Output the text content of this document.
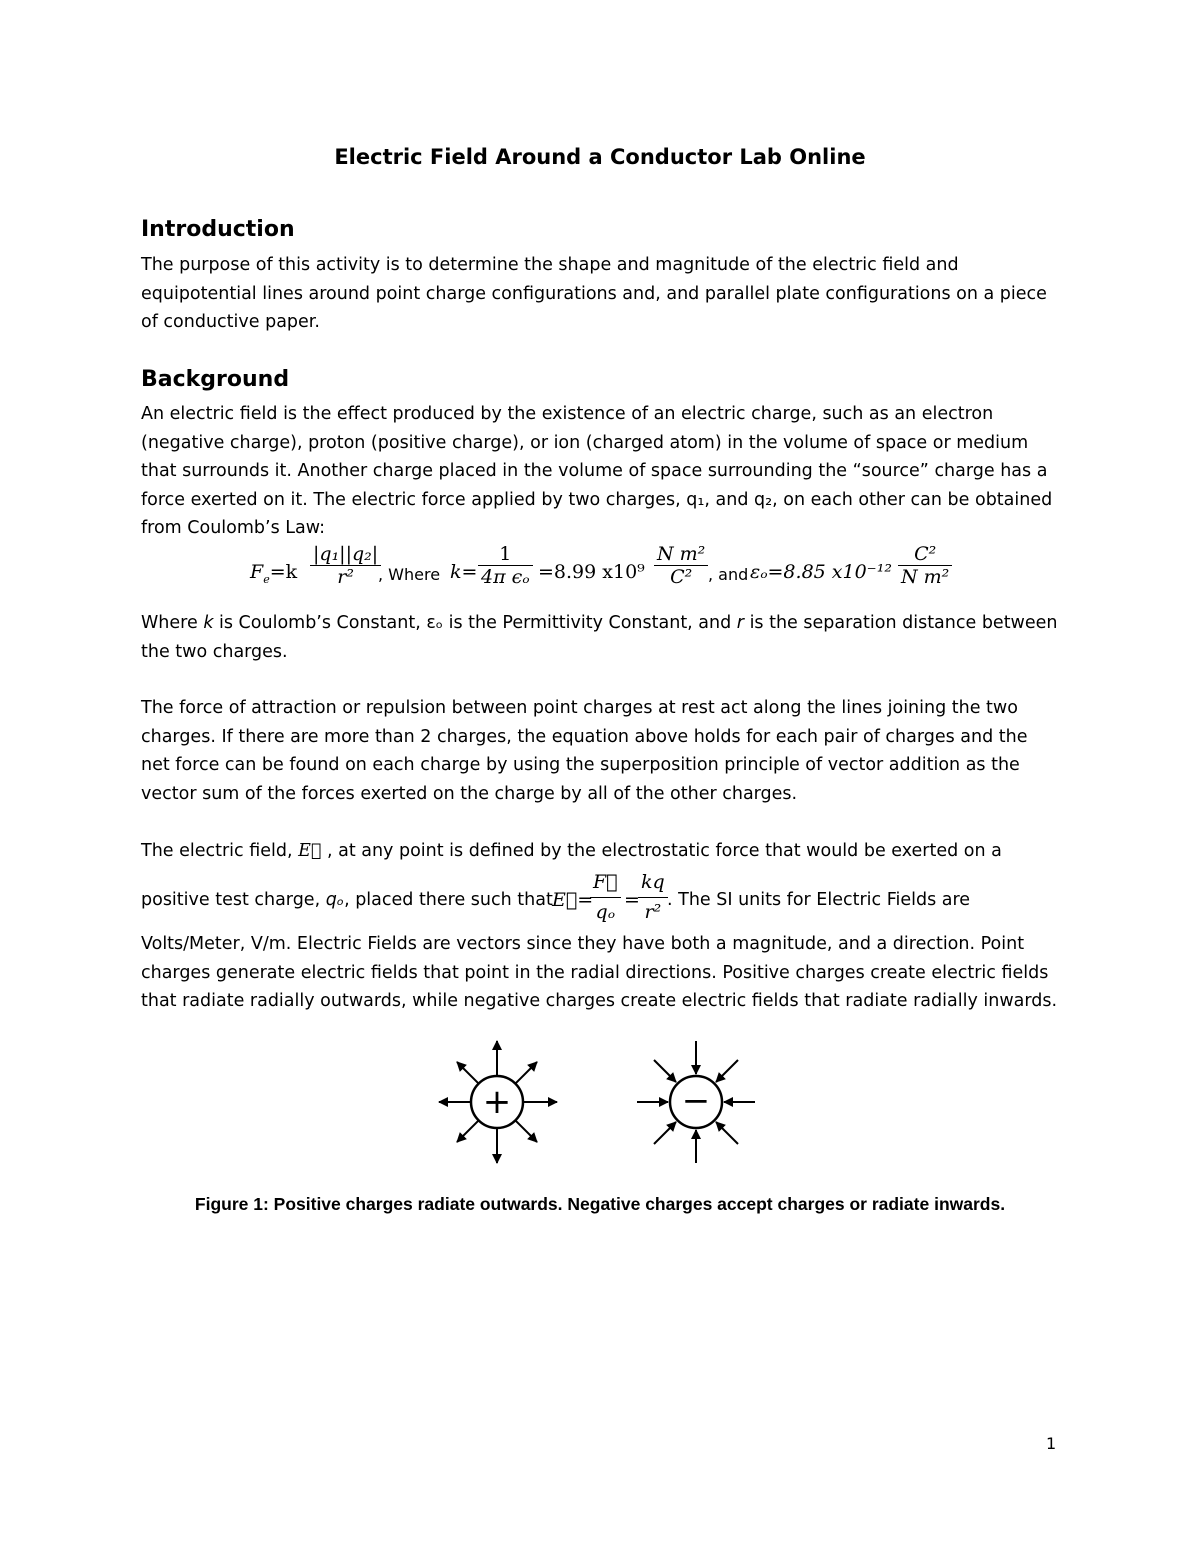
Electric Field Around a Conductor Lab Online
Introduction

The purpose of this activity is to determine the shape and magnitude of the electric field and equipotential lines around point charge configurations and, and parallel plate configurations on a piece of conductive paper.

Background

An electric field is the effect produced by the existence of an electric charge, such as an electron (negative charge), proton (positive charge), or ion (charged atom) in the volume of space or medium that surrounds it. Another charge placed in the volume of space surrounding the “source” charge has a force exerted on it. The electric force applied by two charges, q₁, and q₂, on each other can be obtained from Coulomb’s Law:

$F_e=k \frac{\text{|q₁||q₂|}}{\text{r²}}$
, Where $k= \frac{1}{\text{4π ϵₒ}} =8.99$ $x10^9 \frac{\text{N m²}}{\text{C²}}$ , and εₒ=8.85 $x10^{-12} \frac{\text{C²}}{\text{N m²}}$

Where k is Coulomb’s Constant, εₒ is the Permittivity Constant, and r is the separation distance between the two charges.

The force of attraction or repulsion between point charges at rest act along the lines joining the two charges. If there are more than 2 charges, the equation above holds for each pair of charges and the net force can be found on each charge by using the superposition principle of vector addition as the vector sum of the forces exerted on the charge by all of the other charges.

The electric field, E⃗ , at any point is defined by the electrostatic force that would be exerted on a

positive test charge, qₒ, placed there such that E⃗=
$\frac{F⃗}{\text{qₒ}}$ =
$\frac{kq}{\text{r²}}$ . The SI units for Electric Fields are

Volts/Meter, V/m. Electric Fields are vectors since they have both a magnitude, and a direction. Point charges generate electric fields that point in the radial directions. Positive charges create electric fields that radiate radially outwards, while negative charges create electric fields that radiate radially inwards.

+	−
Figure 1: Positive charges radiate outwards. Negative charges accept charges or radiate inwards.
1
